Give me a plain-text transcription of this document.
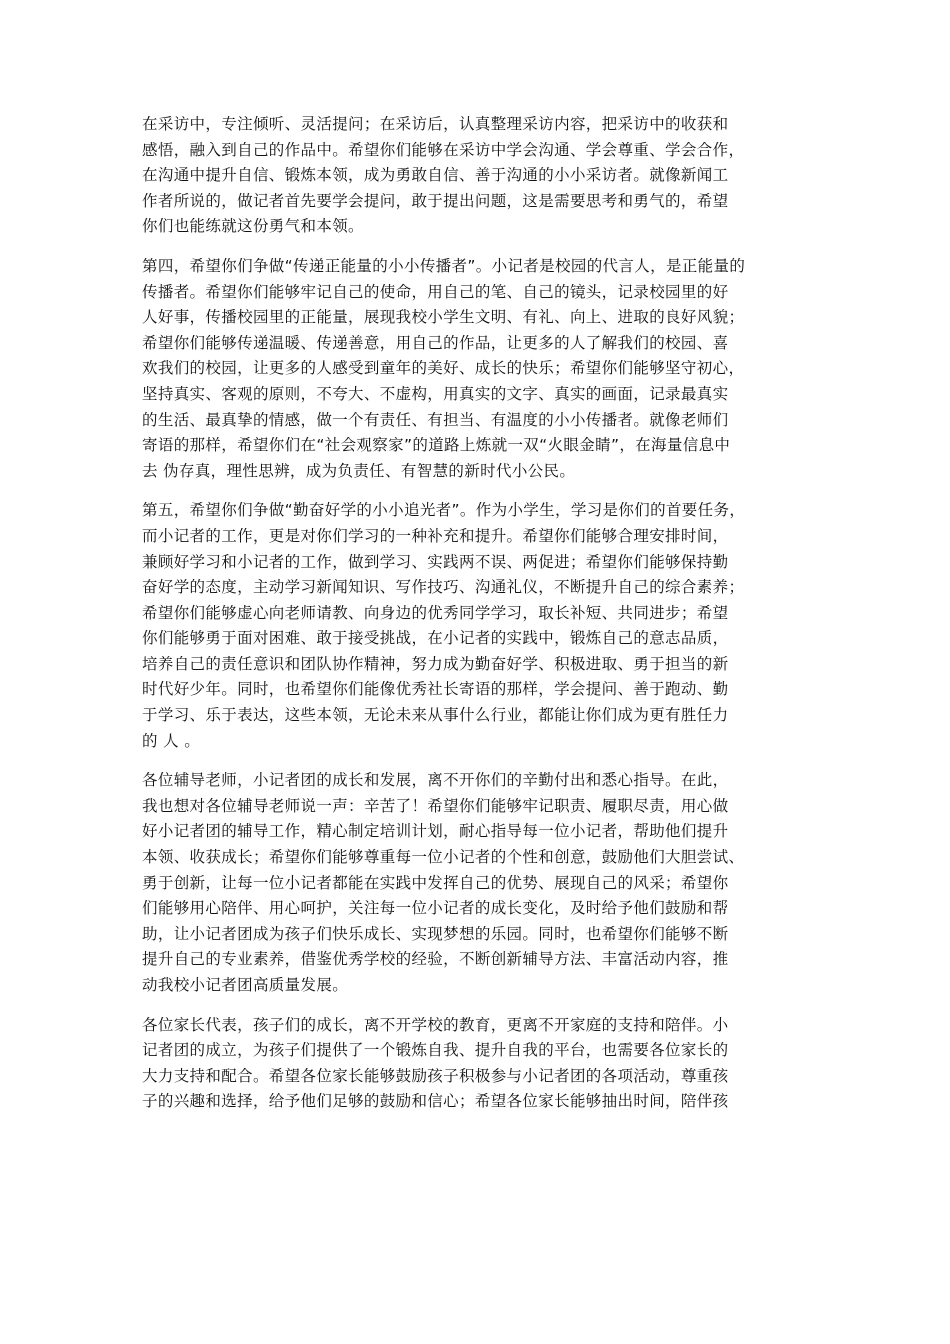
在采访中，专注倾听、灵活提问；在采访后，认真整理采访内容，把采访中的收获和
感悟，融入到自己的作品中。希望你们能够在采访中学会沟通、学会尊重、学会合作，
在沟通中提升自信、锻炼本领，成为勇敢自信、善于沟通的小小采访者。就像新闻工
作者所说的，做记者首先要学会提问，敢于提出问题，这是需要思考和勇气的，希望
你们也能练就这份勇气和本领。
第四，希望你们争做“传递正能量的小小传播者”。小记者是校园的代言人，是正能量的
传播者。希望你们能够牢记自己的使命，用自己的笔、自己的镜头，记录校园里的好
人好事，传播校园里的正能量，展现我校小学生文明、有礼、向上、进取的良好风貌；
希望你们能够传递温暖、传递善意，用自己的作品，让更多的人了解我们的校园、喜
欢我们的校园，让更多的人感受到童年的美好、成长的快乐；希望你们能够坚守初心，
坚持真实、客观的原则，不夸大、不虚构，用真实的文字、真实的画面，记录最真实
的生活、最真挚的情感，做一个有责任、有担当、有温度的小小传播者。就像老师们
寄语的那样，希望你们在“社会观察家”的道路上炼就一双“火眼金睛”，在海量信息中
去 伪存真，理性思辨，成为负责任、有智慧的新时代小公民。
第五，希望你们争做“勤奋好学的小小追光者”。作为小学生，学习是你们的首要任务，
而小记者的工作，更是对你们学习的一种补充和提升。希望你们能够合理安排时间，
兼顾好学习和小记者的工作，做到学习、实践两不误、两促进；希望你们能够保持勤
奋好学的态度，主动学习新闻知识、写作技巧、沟通礼仪，不断提升自己的综合素养；
希望你们能够虚心向老师请教、向身边的优秀同学学习，取长补短、共同进步；希望
你们能够勇于面对困难、敢于接受挑战，在小记者的实践中，锻炼自己的意志品质，
培养自己的责任意识和团队协作精神，努力成为勤奋好学、积极进取、勇于担当的新
时代好少年。同时，也希望你们能像优秀社长寄语的那样，学会提问、善于跑动、勤
于学习、乐于表达，这些本领，无论未来从事什么行业，都能让你们成为更有胜任力
的 人 。
各位辅导老师，小记者团的成长和发展，离不开你们的辛勤付出和悉心指导。在此，
我也想对各位辅导老师说一声：辛苦了！希望你们能够牢记职责、履职尽责，用心做
好小记者团的辅导工作，精心制定培训计划，耐心指导每一位小记者，帮助他们提升
本领、收获成长；希望你们能够尊重每一位小记者的个性和创意，鼓励他们大胆尝试、
勇于创新，让每一位小记者都能在实践中发挥自己的优势、展现自己的风采；希望你
们能够用心陪伴、用心呵护，关注每一位小记者的成长变化，及时给予他们鼓励和帮
助，让小记者团成为孩子们快乐成长、实现梦想的乐园。同时，也希望你们能够不断
提升自己的专业素养，借鉴优秀学校的经验，不断创新辅导方法、丰富活动内容，推
动我校小记者团高质量发展。
各位家长代表，孩子们的成长，离不开学校的教育，更离不开家庭的支持和陪伴。小
记者团的成立，为孩子们提供了一个锻炼自我、提升自我的平台，也需要各位家长的
大力支持和配合。希望各位家长能够鼓励孩子积极参与小记者团的各项活动，尊重孩
子的兴趣和选择，给予他们足够的鼓励和信心；希望各位家长能够抽出时间，陪伴孩
